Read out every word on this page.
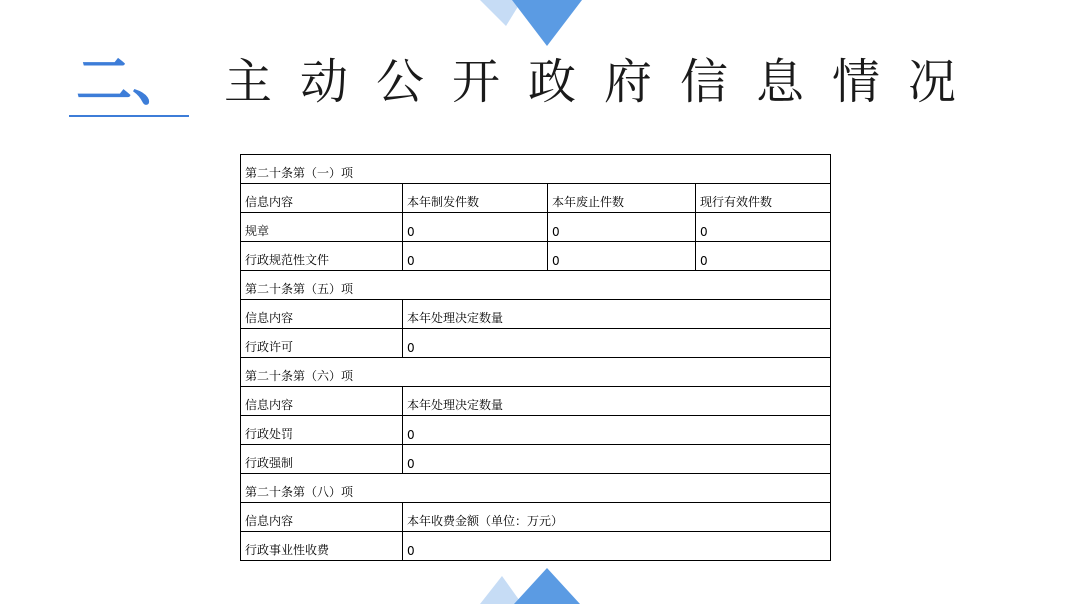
二、 主动公开政府信息情况
第二十条第（一）项			
信息内容	本年制发件数	本年废止件数	现行有效件数
规章	0	0	0
行政规范性文件	0	0	0
第二十条第（五）项			
信息内容	本年处理决定数量		
行政许可	0		
第二十条第（六）项			
信息内容	本年处理决定数量		
行政处罚	0		
行政强制	0		
第二十条第（八）项			
信息内容	本年收费金额（单位：万元）		
行政事业性收费	0		
